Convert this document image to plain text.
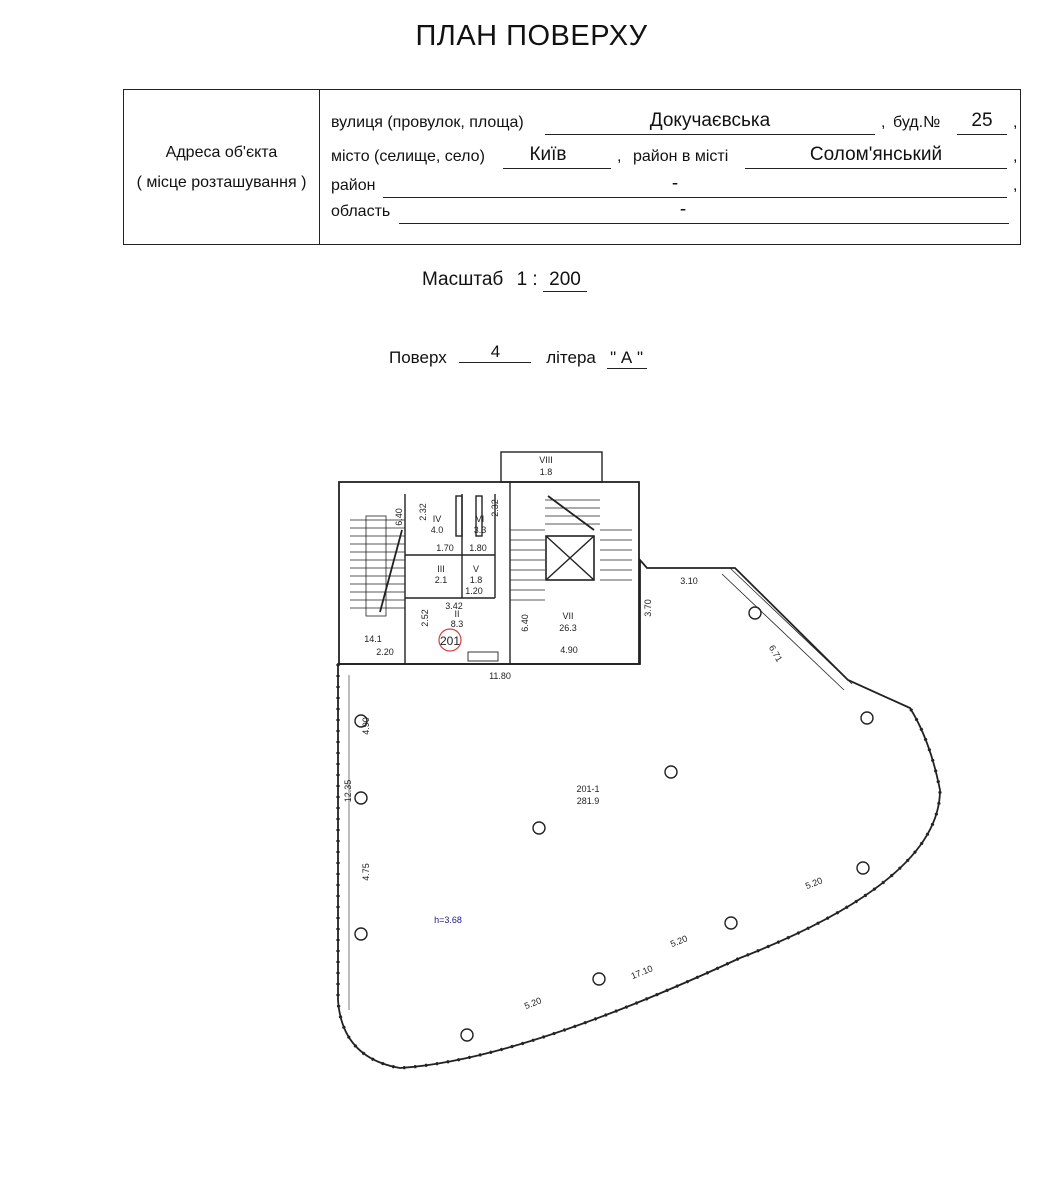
ПЛАН ПОВЕРХУ
Адреса об'єкта
( місце розташування )
вулиця (провулок, площа)	Докучаєвська	, буд.№	25	,
місто (селище, село)	Київ	, район в місті	Солом'янський	,
район	-	,
область	-
Масштаб 1 : 200
Поверх	4	літера " А "
VIII
1.8
IV
4.0
VI
3.3
III
2.1
V
1.8
II
8.3
VII
26.3
14.1
201-1
281.9
201
h=3.68
6.40 2.32	2.32
1.70 1.80
1.20
3.42
2.52
2.20
6.40
3.70
3.10
4.90	6.71
11.80
4.90
12.35
4.75
5.20
5.20
5.20
17.10
